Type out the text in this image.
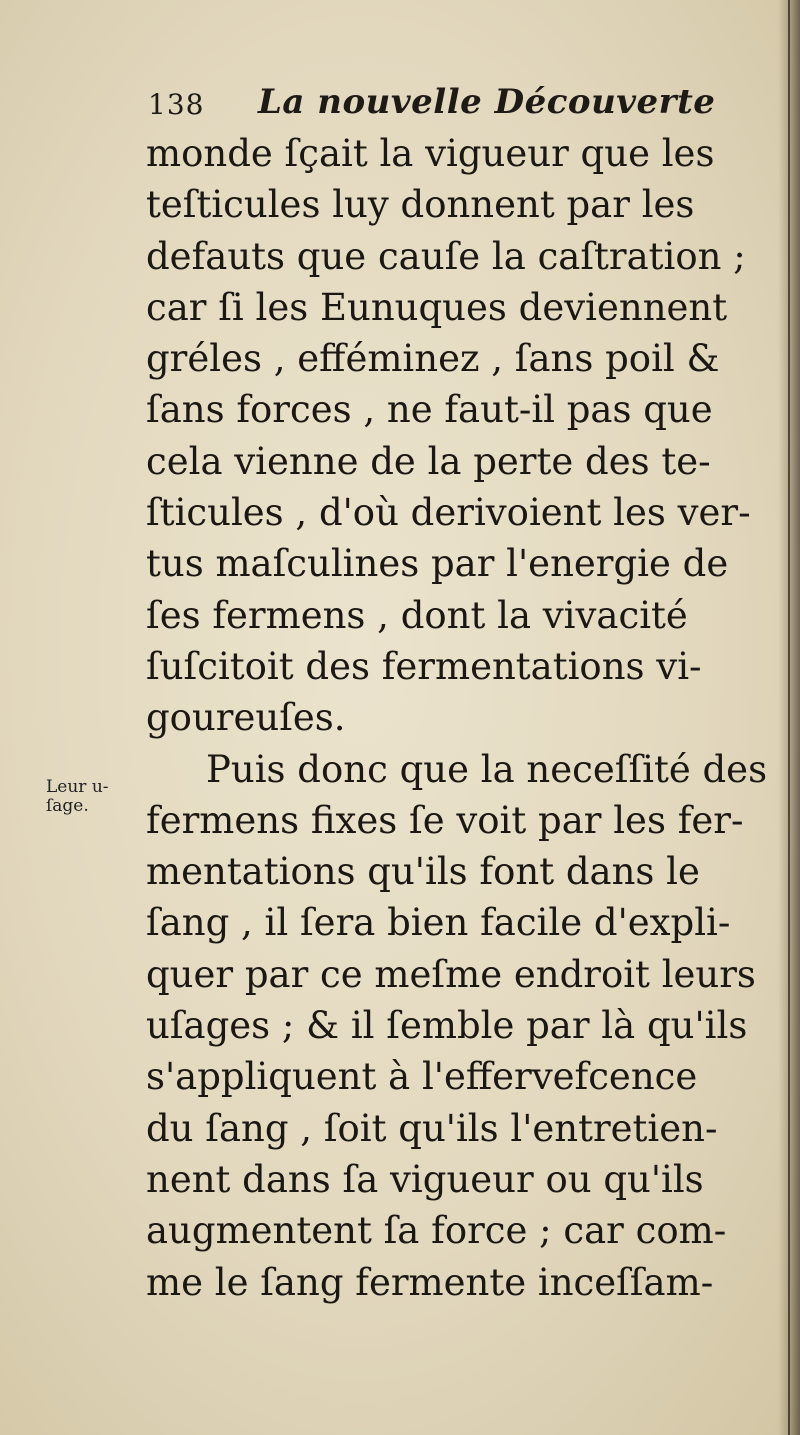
138 La nouvelle Découverte
Leur u-
ſage.
monde ſçait la vigueur que les
teſticules luy donnent par les
defauts que cauſe la caſtration ;
car ſi les Eunuques deviennent
gréles , efféminez , ſans poil &
ſans forces , ne faut-il pas que
cela vienne de la perte des te-
ſticules , d'où derivoient les ver-
tus maſculines par l'energie de
ſes fermens , dont la vivacité
ſuſcitoit des fermentations vi-
goureuſes.
Puis donc que la neceſſité des
fermens fixes ſe voit par les fer-
mentations qu'ils font dans le
ſang , il ſera bien facile d'expli-
quer par ce meſme endroit leurs
uſages ; & il ſemble par là qu'ils
s'appliquent à l'effervefcence
du ſang , ſoit qu'ils l'entretien-
nent dans ſa vigueur ou qu'ils
augmentent ſa force ; car com-
me le ſang fermente inceſſam-
